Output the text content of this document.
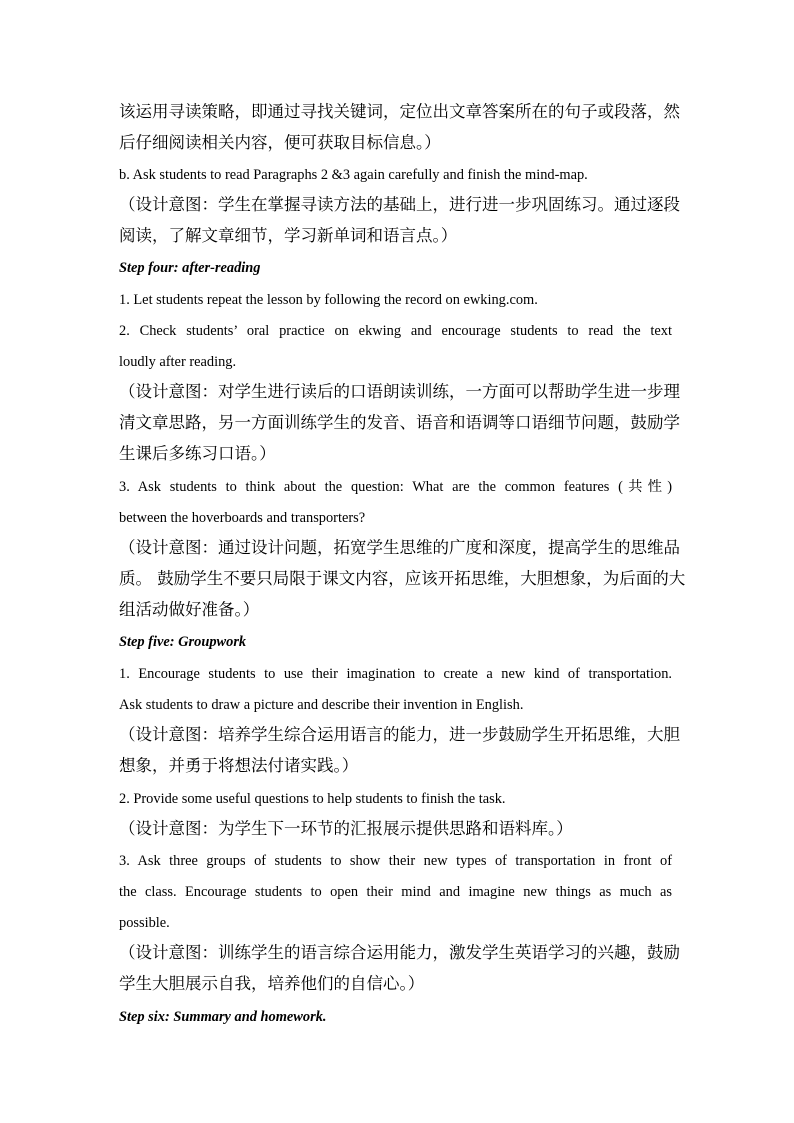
该运用寻读策略，即通过寻找关键词，定位出文章答案所在的句子或段落，然
后仔细阅读相关内容，便可获取目标信息。）
b. Ask students to read Paragraphs 2 &3 again carefully and finish the mind-map.
（设计意图：学生在掌握寻读方法的基础上，进行进一步巩固练习。通过逐段
阅读，了解文章细节，学习新单词和语言点。）
Step four: after-reading
1. Let students repeat the lesson by following the record on ewking.com.
2. Check students’ oral practice on ekwing and encourage students to read the text
loudly after reading.
（设计意图：对学生进行读后的口语朗读训练，一方面可以帮助学生进一步理
清文章思路，另一方面训练学生的发音、语音和语调等口语细节问题，鼓励学
生课后多练习口语。）
3. Ask students to think about the question: What are the common features (共性)
between the hoverboards and transporters?
（设计意图：通过设计问题，拓宽学生思维的广度和深度，提高学生的思维品
质。 鼓励学生不要只局限于课文内容，应该开拓思维，大胆想象，为后面的大
组活动做好准备。）
Step five: Groupwork
1. Encourage students to use their imagination to create a new kind of transportation.
Ask students to draw a picture and describe their invention in English.
（设计意图：培养学生综合运用语言的能力，进一步鼓励学生开拓思维，大胆
想象，并勇于将想法付诸实践。）
2. Provide some useful questions to help students to finish the task.
（设计意图：为学生下一环节的汇报展示提供思路和语料库。）
3. Ask three groups of students to show their new types of transportation in front of
the class. Encourage students to open their mind and imagine new things as much as
possible.
（设计意图：训练学生的语言综合运用能力，激发学生英语学习的兴趣，鼓励
学生大胆展示自我，培养他们的自信心。）
Step six: Summary and homework.
